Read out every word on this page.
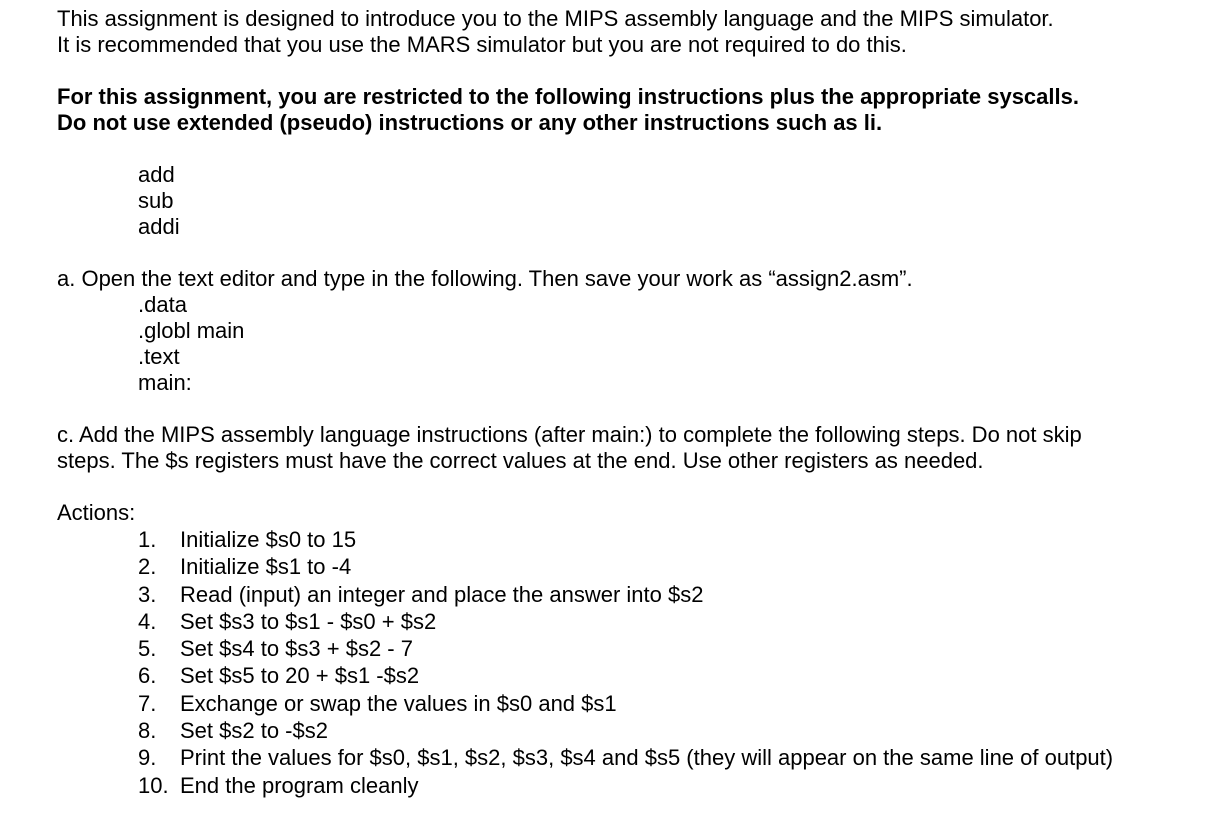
This assignment is designed to introduce you to the MIPS assembly language and the MIPS simulator.
It is recommended that you use the MARS simulator but you are not required to do this.
For this assignment, you are restricted to the following instructions plus the appropriate syscalls.
Do not use extended (pseudo) instructions or any other instructions such as li.
add
sub
addi
a. Open the text editor and type in the following. Then save your work as “assign2.asm”.
.data
.globl main
.text
main:
c. Add the MIPS assembly language instructions (after main:) to complete the following steps. Do not skip
steps. The $s registers must have the correct values at the end. Use other registers as needed.
Actions:
1.	Initialize $s0 to 15
2.	Initialize $s1 to -4
3.	Read (input) an integer and place the answer into $s2
4.	Set $s3 to $s1 - $s0 + $s2
5.	Set $s4 to $s3 + $s2 - 7
6.	Set $s5 to 20 + $s1 -$s2
7.	Exchange or swap the values in $s0 and $s1
8.	Set $s2 to -$s2
9.	Print the values for $s0, $s1, $s2, $s3, $s4 and $s5 (they will appear on the same line of output)
10. End the program cleanly
